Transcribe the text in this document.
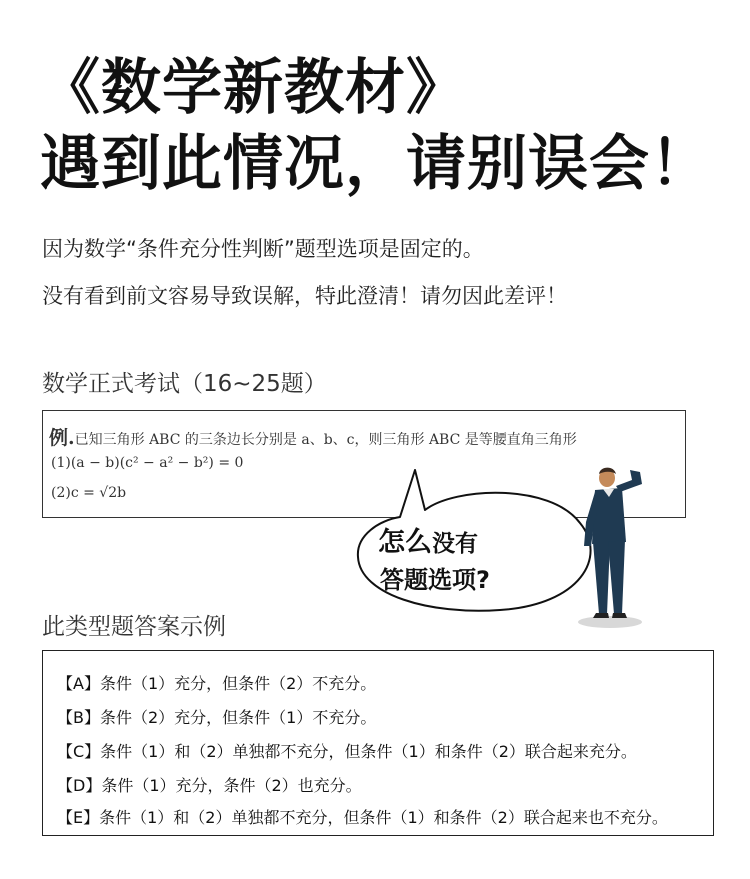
《数学新教材》
遇到此情况，请别误会！
因为数学“条件充分性判断”题型选项是固定的。
没有看到前文容易导致误解，特此澄清！请勿因此差评！
数学正式考试（16~25题）
例.已知三角形 ABC 的三条边长分别是 a、b、c，则三角形 ABC 是等腰直角三角形
(1)(a − b)(c² − a² − b²) = 0
(2)c = √2b
怎么没有
答题选项?
此类型题答案示例
【A】条件（1）充分，但条件（2）不充分。
【B】条件（2）充分，但条件（1）不充分。
【C】条件（1）和（2）单独都不充分，但条件（1）和条件（2）联合起来充分。
【D】条件（1）充分，条件（2）也充分。
【E】条件（1）和（2）单独都不充分，但条件（1）和条件（2）联合起来也不充分。
